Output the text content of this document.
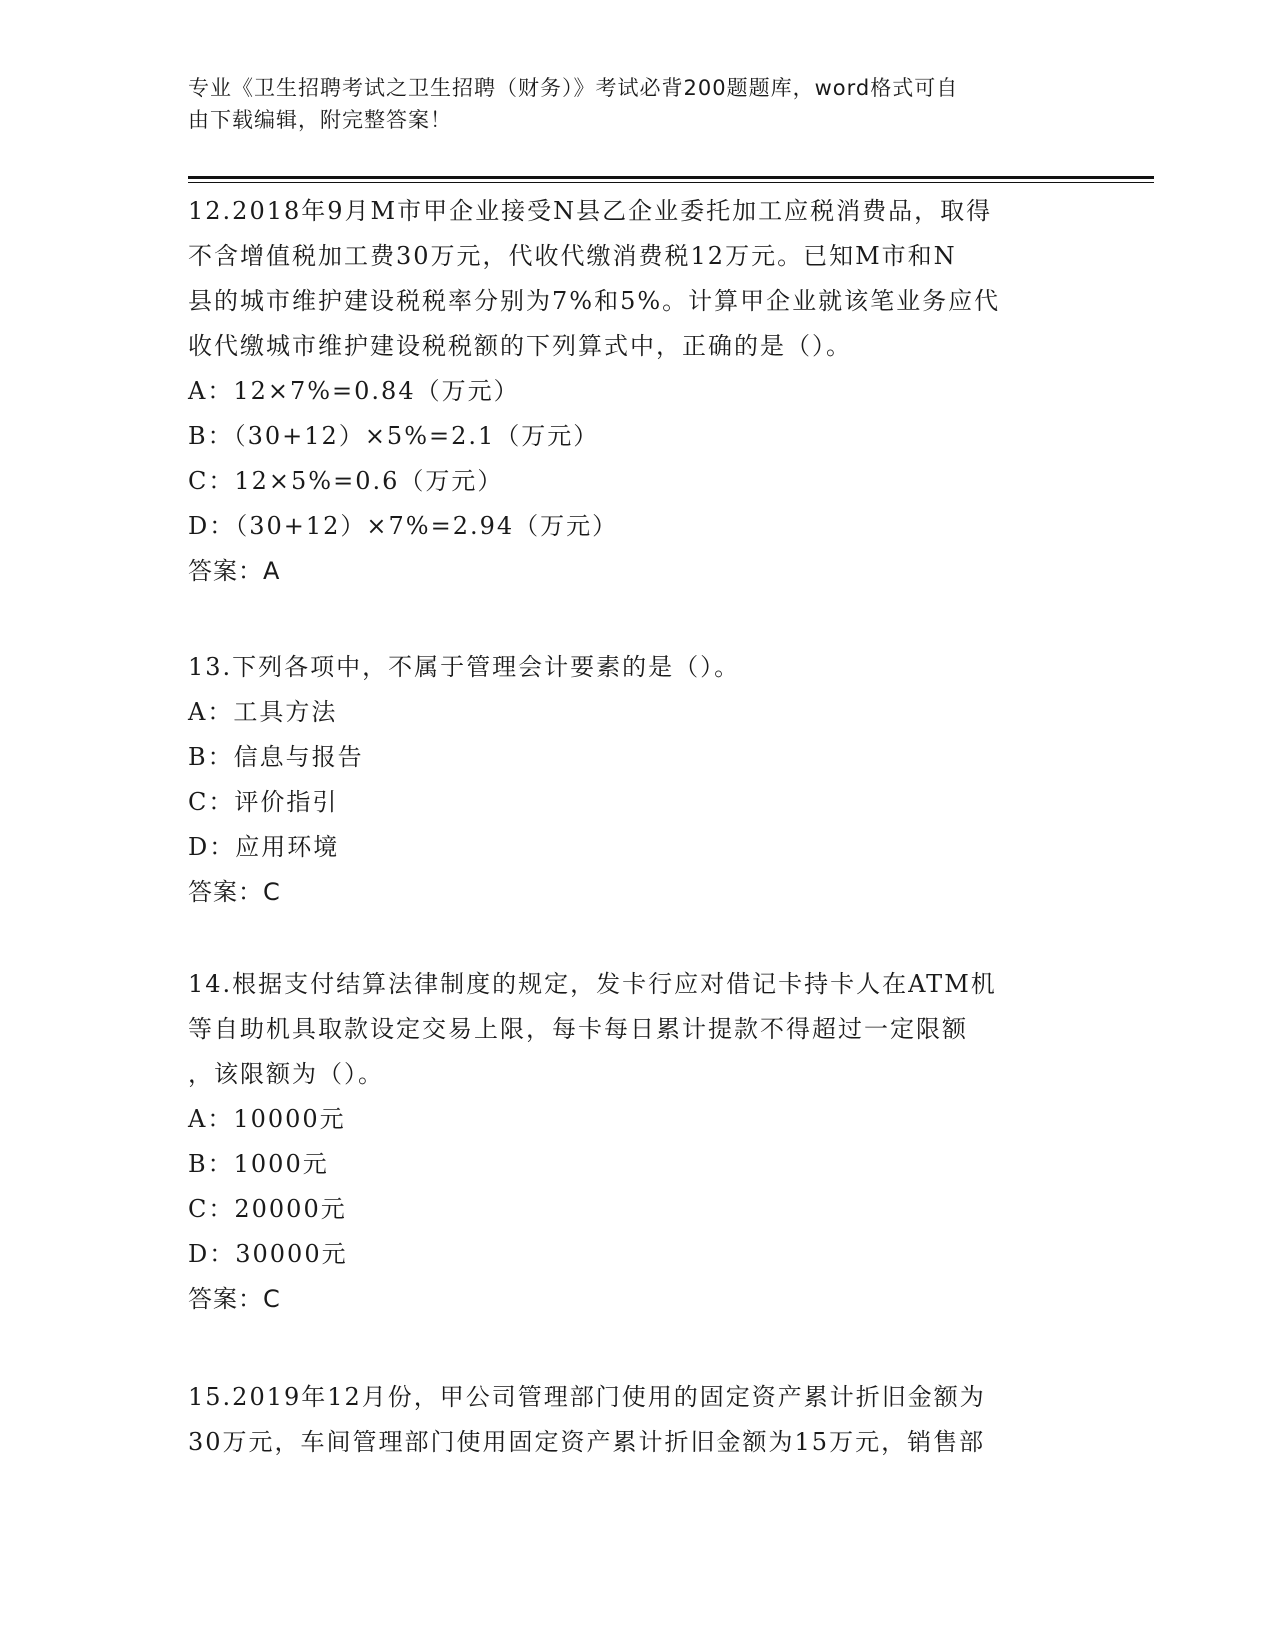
专业《卫生招聘考试之卫生招聘（财务）》考试必背200题题库，word格式可自
由下载编辑，附完整答案！

12.2018年9月M市甲企业接受N县乙企业委托加工应税消费品，取得

不含增值税加工费30万元，代收代缴消费税12万元。已知M市和N

县的城市维护建设税税率分别为7%和5%。计算甲企业就该笔业务应代

收代缴城市维护建设税税额的下列算式中，正确的是（）。

A：12×7%=0.84（万元）

B：（30+12）×5%=2.1（万元）

C：12×5%=0.6（万元）

D：（30+12）×7%=2.94（万元）

答案：A

13.下列各项中，不属于管理会计要素的是（）。

A：工具方法

B：信息与报告

C：评价指引

D：应用环境

答案：C

14.根据支付结算法律制度的规定，发卡行应对借记卡持卡人在ATM机

等自助机具取款设定交易上限，每卡每日累计提款不得超过一定限额

，该限额为（）。

A：10000元

B：1000元

C：20000元

D：30000元

答案：C

15.2019年12月份，甲公司管理部门使用的固定资产累计折旧金额为

30万元，车间管理部门使用固定资产累计折旧金额为15万元，销售部
